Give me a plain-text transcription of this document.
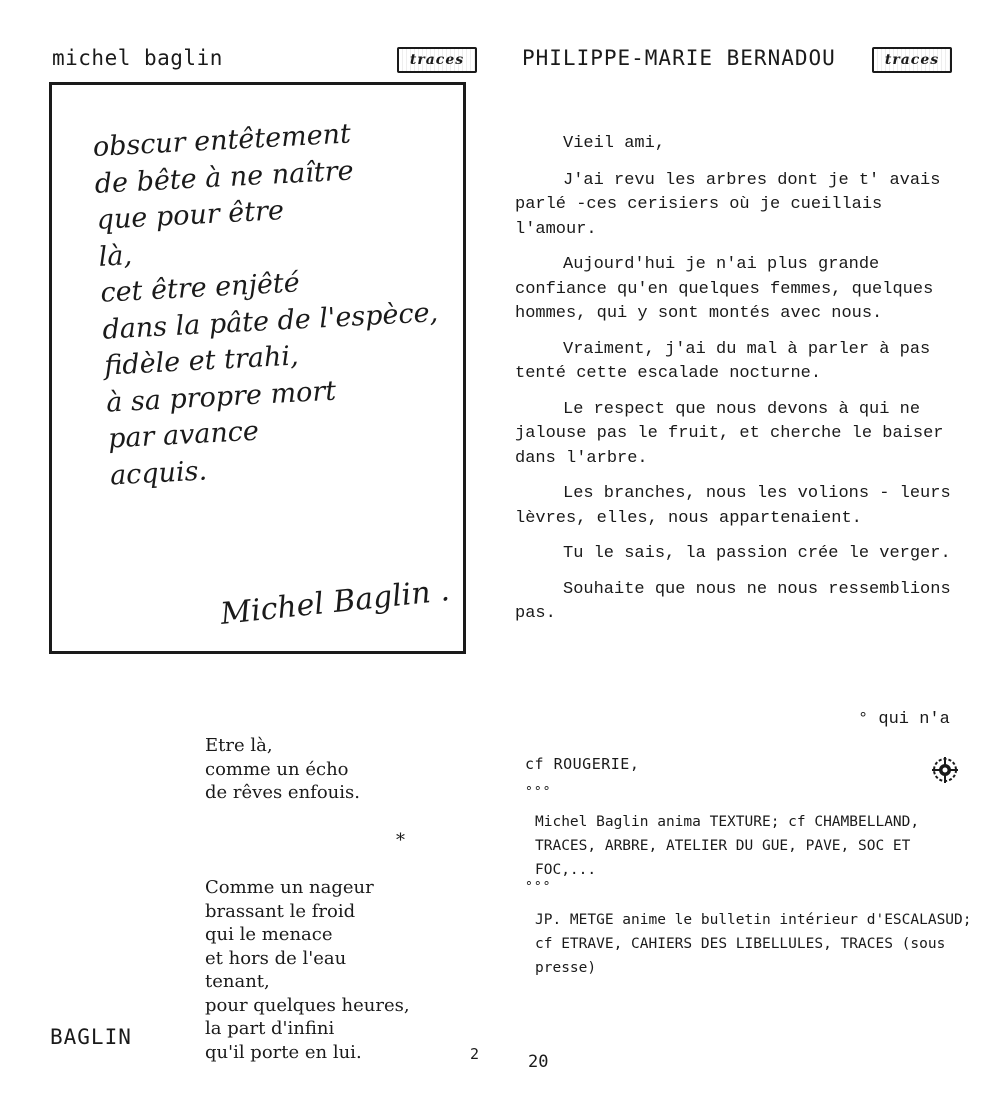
michel baglin	traces	PHILIPPE-MARIE BERNADOU	traces
obscur entêtement
de bête à ne naître
que pour être
là,
cet être enjêté
dans la pâte de l'espèce,
fidèle et trahi,
à sa propre mort
par avance
acquis.
Michel Baglin .
Etre là,
comme un écho
de rêves enfouis.
*
Comme un nageur
brassant le froid
qui le menace
et hors de l'eau
tenant,
pour quelques heures,
la part d'infini
qu'il porte en lui.
BAGLIN
2

Vieil ami,

J'ai revu les arbres dont je t' avais parlé -ces cerisiers où je cueillais l'amour.

Aujourd'hui je n'ai plus grande confiance qu'en quelques femmes, quelques hommes, qui y sont montés avec nous.

Vraiment, j'ai du mal à parler à pas tenté cette escalade nocturne.

Le respect que nous devons à qui ne jalouse pas le fruit, et cherche le baiser dans l'arbre.

Les branches, nous les volions - leurs lèvres, elles, nous appartenaient.

Tu le sais, la passion crée le verger.

Souhaite que nous ne nous ressemblions pas.

° qui n'a
cf ROUGERIE,
°°°
Michel Baglin anima TEXTURE; cf CHAMBELLAND, TRACES, ARBRE, ATELIER DU GUE, PAVE, SOC ET FOC,...
°°°
JP. METGE anime le bulletin intérieur d'ESCALASUD; cf ETRAVE, CAHIERS DES LIBELLULES, TRACES (sous presse)
20
